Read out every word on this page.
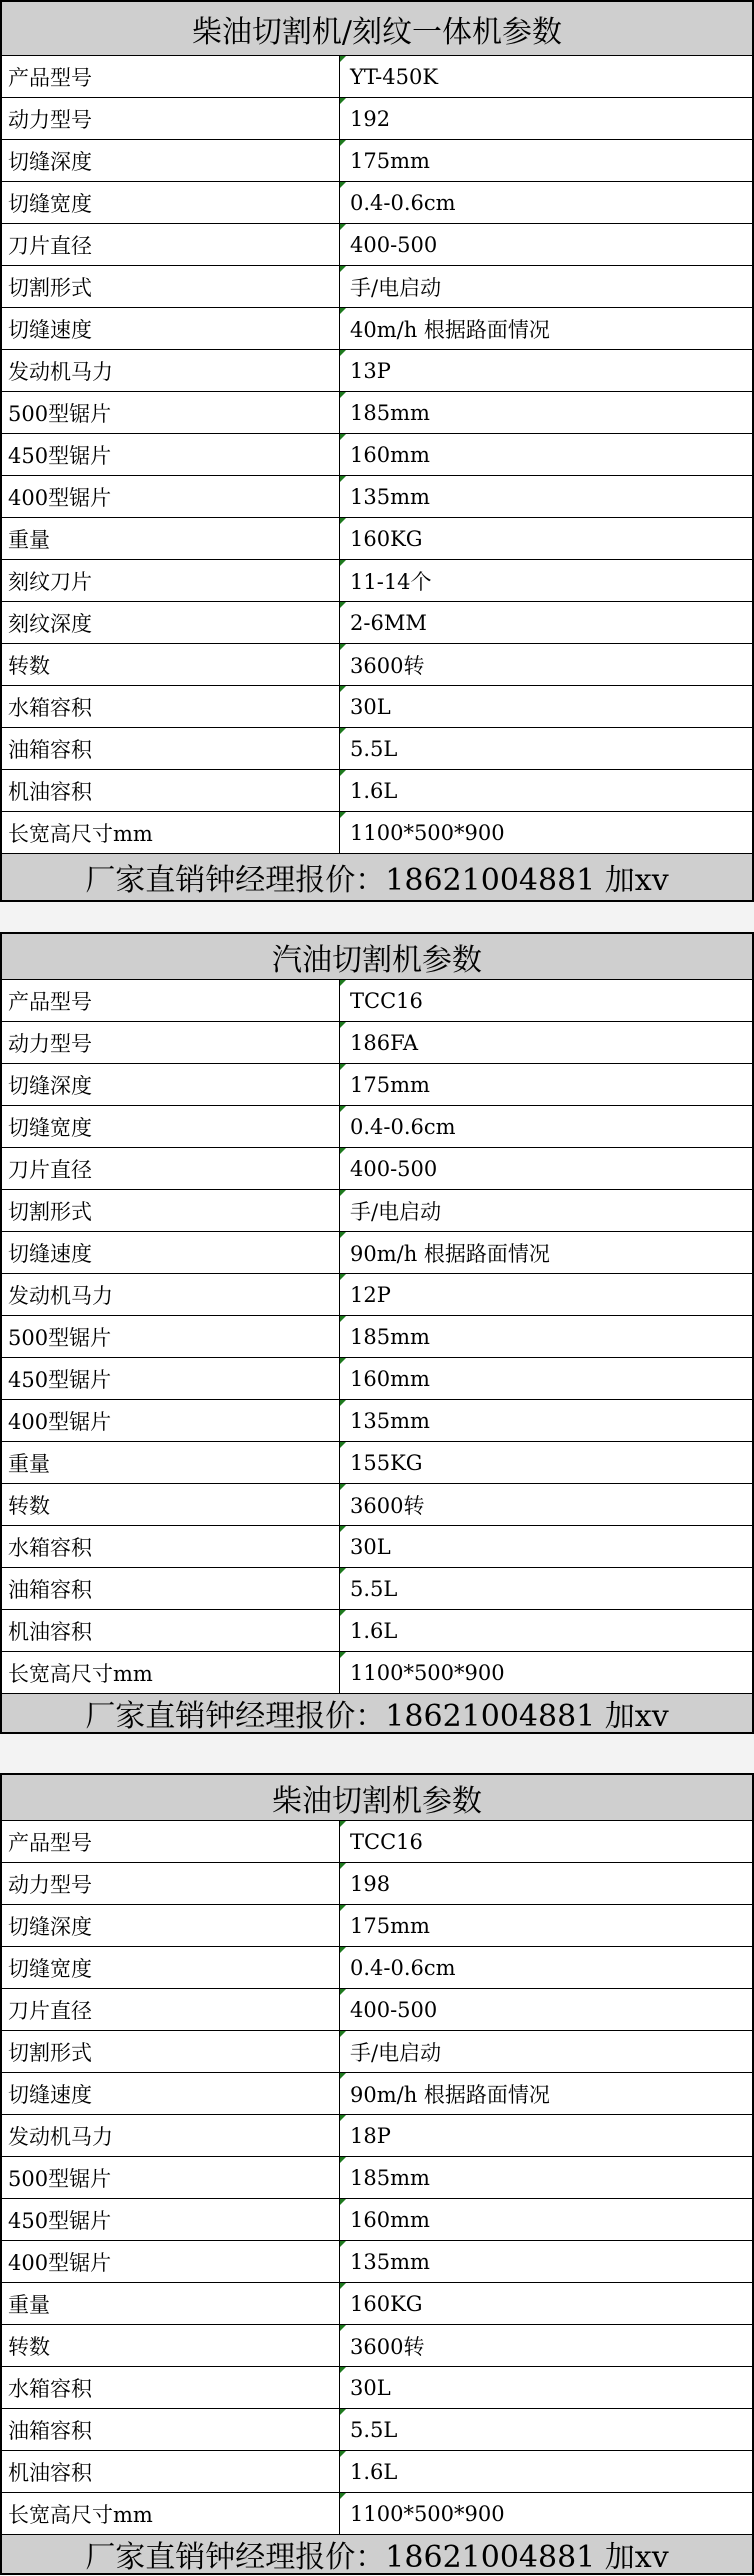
柴油切割机/刻纹一体机参数
产品型号	YT-450K
动力型号	192
切缝深度	175mm
切缝宽度	0.4-0.6cm
刀片直径	400-500
切割形式	手/电启动
切缝速度	40m/h 根据路面情况
发动机马力	13P
500型锯片	185mm
450型锯片	160mm
400型锯片	135mm
重量	160KG
刻纹刀片	11-14个
刻纹深度	2-6MM
转数	3600转
水箱容积	30L
油箱容积	5.5L
机油容积	1.6L
长宽高尺寸mm	1100*500*900
厂家直销钟经理报价：18621004881 加xv
汽油切割机参数
产品型号	TCC16
动力型号	186FA
切缝深度	175mm
切缝宽度	0.4-0.6cm
刀片直径	400-500
切割形式	手/电启动
切缝速度	90m/h 根据路面情况
发动机马力	12P
500型锯片	185mm
450型锯片	160mm
400型锯片	135mm
重量	155KG
转数	3600转
水箱容积	30L
油箱容积	5.5L
机油容积	1.6L
长宽高尺寸mm	1100*500*900
厂家直销钟经理报价：18621004881 加xv
柴油切割机参数
产品型号	TCC16
动力型号	198
切缝深度	175mm
切缝宽度	0.4-0.6cm
刀片直径	400-500
切割形式	手/电启动
切缝速度	90m/h 根据路面情况
发动机马力	18P
500型锯片	185mm
450型锯片	160mm
400型锯片	135mm
重量	160KG
转数	3600转
水箱容积	30L
油箱容积	5.5L
机油容积	1.6L
长宽高尺寸mm	1100*500*900
厂家直销钟经理报价：18621004881 加xv
